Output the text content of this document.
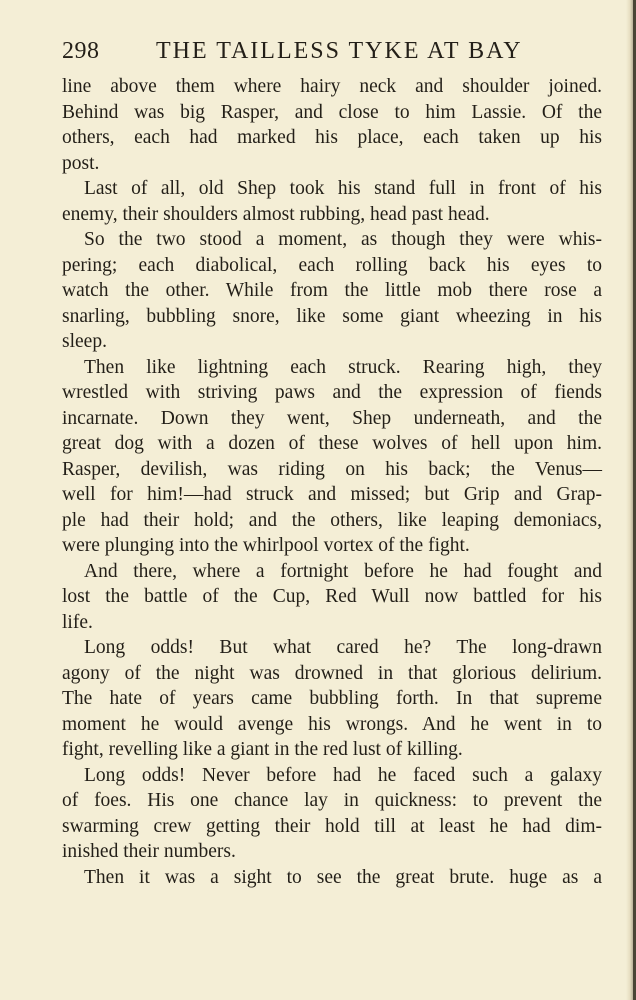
298 THE TAILLESS TYKE AT BAY
line above them where hairy neck and shoulder joined.
Behind was big Rasper, and close to him Lassie. Of the
others, each had marked his place, each taken up his
post.
Last of all, old Shep took his stand full in front of his
enemy, their shoulders almost rubbing, head past head.
So the two stood a moment, as though they were whis-
pering; each diabolical, each rolling back his eyes to
watch the other. While from the little mob there rose a
snarling, bubbling snore, like some giant wheezing in his
sleep.
Then like lightning each struck. Rearing high, they
wrestled with striving paws and the expression of fiends
incarnate. Down they went, Shep underneath, and the
great dog with a dozen of these wolves of hell upon him.
Rasper, devilish, was riding on his back; the Venus—
well for him!—had struck and missed; but Grip and Grap-
ple had their hold; and the others, like leaping demoniacs,
were plunging into the whirlpool vortex of the fight.
And there, where a fortnight before he had fought and
lost the battle of the Cup, Red Wull now battled for his
life.
Long odds! But what cared he? The long-drawn
agony of the night was drowned in that glorious delirium.
The hate of years came bubbling forth. In that supreme
moment he would avenge his wrongs. And he went in to
fight, revelling like a giant in the red lust of killing.
Long odds! Never before had he faced such a galaxy
of foes. His one chance lay in quickness: to prevent the
swarming crew getting their hold till at least he had dim-
inished their numbers.
Then it was a sight to see the great brute. huge as a
